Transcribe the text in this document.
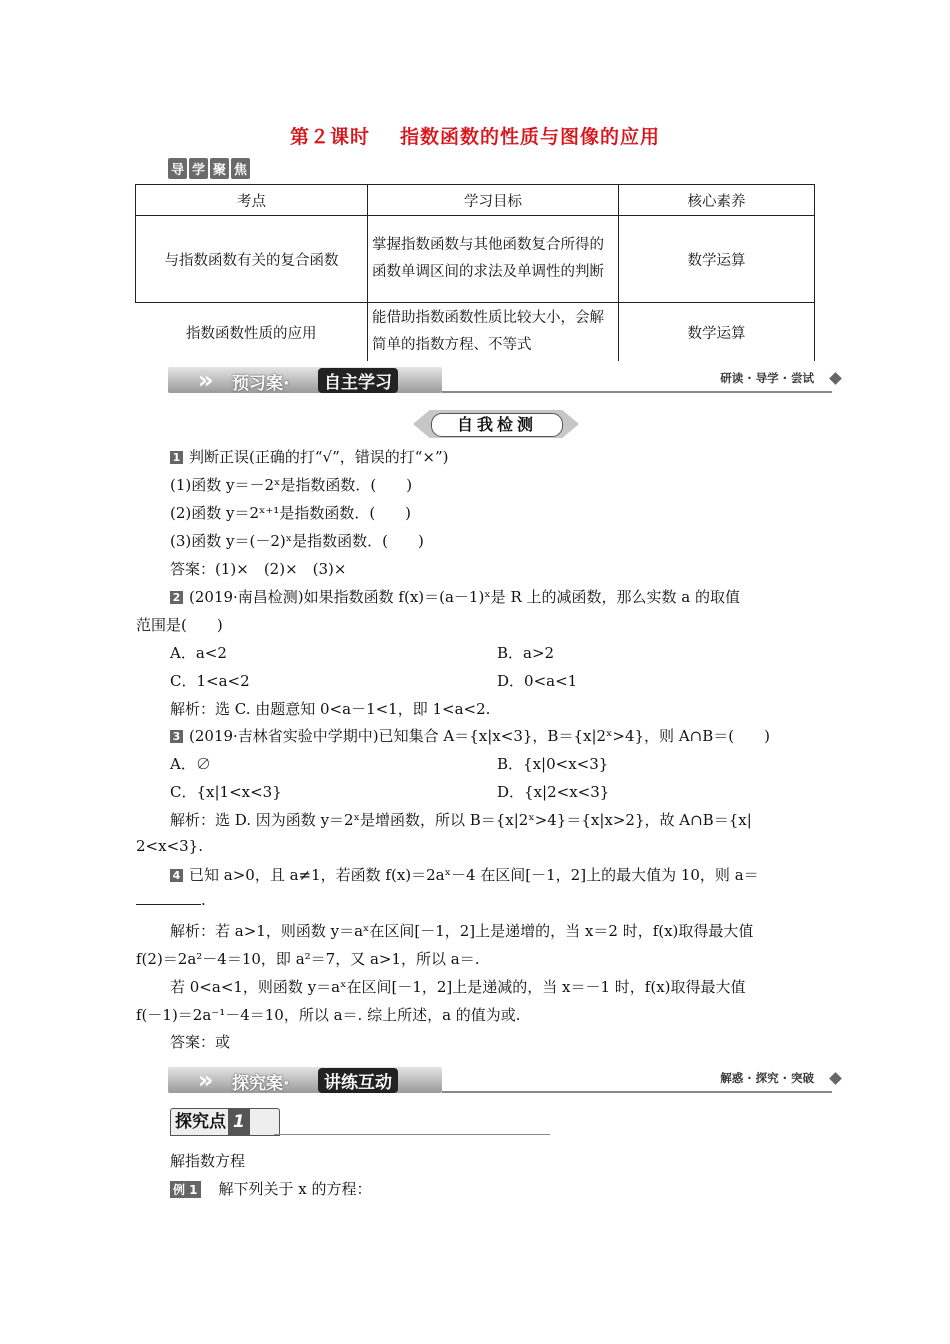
第２课时 指数函数的性质与图像的应用
导 学 聚 焦
考点	学习目标	核心素养
与指数函数有关的复合函数	掌握指数函数与其他函数复合所得的函数单调区间的求法及单调性的判断	数学运算
指数函数性质的应用	能借助指数函数性质比较大小，会解简单的指数方程、不等式	数学运算
» 预习案·	自主学习	研读 · 导学 · 尝试
自我检测
1 判断正误(正确的打“√”，错误的打“×”)
(1)函数 y＝－2ˣ是指数函数．(　　)
(2)函数 y＝2ˣ⁺¹是指数函数．(　　)
(3)函数 y＝(－2)ˣ是指数函数．(　　)
答案：(1)×　(2)×　(3)×
2 (2019·南昌检测)如果指数函数 f(x)＝(a－1)ˣ是 R 上的减函数，那么实数 a 的取值
范围是(　　)
A．a<2	B．a>2
C．1<a<2	D．0<a<1
解析：选 C. 由题意知 0<a－1<1，即 1<a<2.
3 (2019·吉林省实验中学期中)已知集合 A＝{x|x<3}，B＝{x|2ˣ>4}，则 A∩B＝(　　)
A．∅	B．{x|0<x<3}
C．{x|1<x<3}	D．{x|2<x<3}
解析：选 D. 因为函数 y＝2ˣ是增函数，所以 B＝{x|2ˣ>4}＝{x|x>2}，故 A∩B＝{x|
2<x<3}.
4 已知 a>0，且 a≠1，若函数 f(x)＝2aˣ－4 在区间[－1，2]上的最大值为 10，则 a＝
.
解析：若 a>1，则函数 y＝aˣ在区间[－1，2]上是递增的，当 x＝2 时，f(x)取得最大值
f(2)＝2a²－4＝10，即 a²＝7，又 a>1，所以 a＝.
若 0<a<1，则函数 y＝aˣ在区间[－1，2]上是递减的，当 x＝－1 时，f(x)取得最大值
f(－1)＝2a⁻¹－4＝10，所以 a＝. 综上所述，a 的值为或.
答案：或
» 探究案·	讲练互动	解惑 · 探究 · 突破
探究点 1
解指数方程
例 1 解下列关于 x 的方程：
